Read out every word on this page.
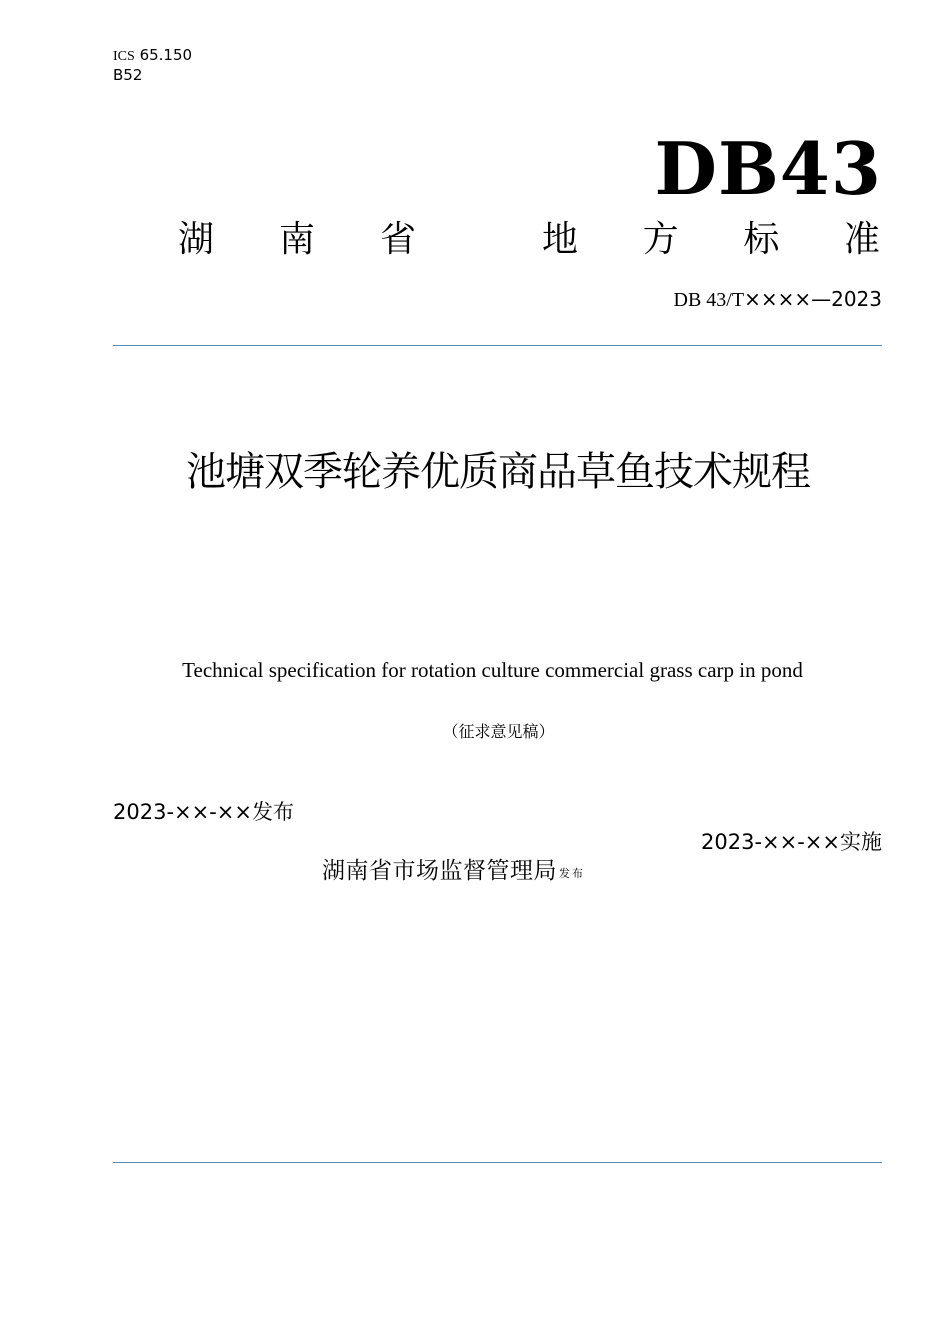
ICS 65.150
B52
DB43
湖 南 省	地 方 标 准
DB 43/T××××—2023
池塘双季轮养优质商品草鱼技术规程
Technical specification for rotation culture commercial grass carp in pond
（征求意见稿）
2023-××-××发布
2023-××-××实施
湖南省市场监督管理局 $^{发布}$
